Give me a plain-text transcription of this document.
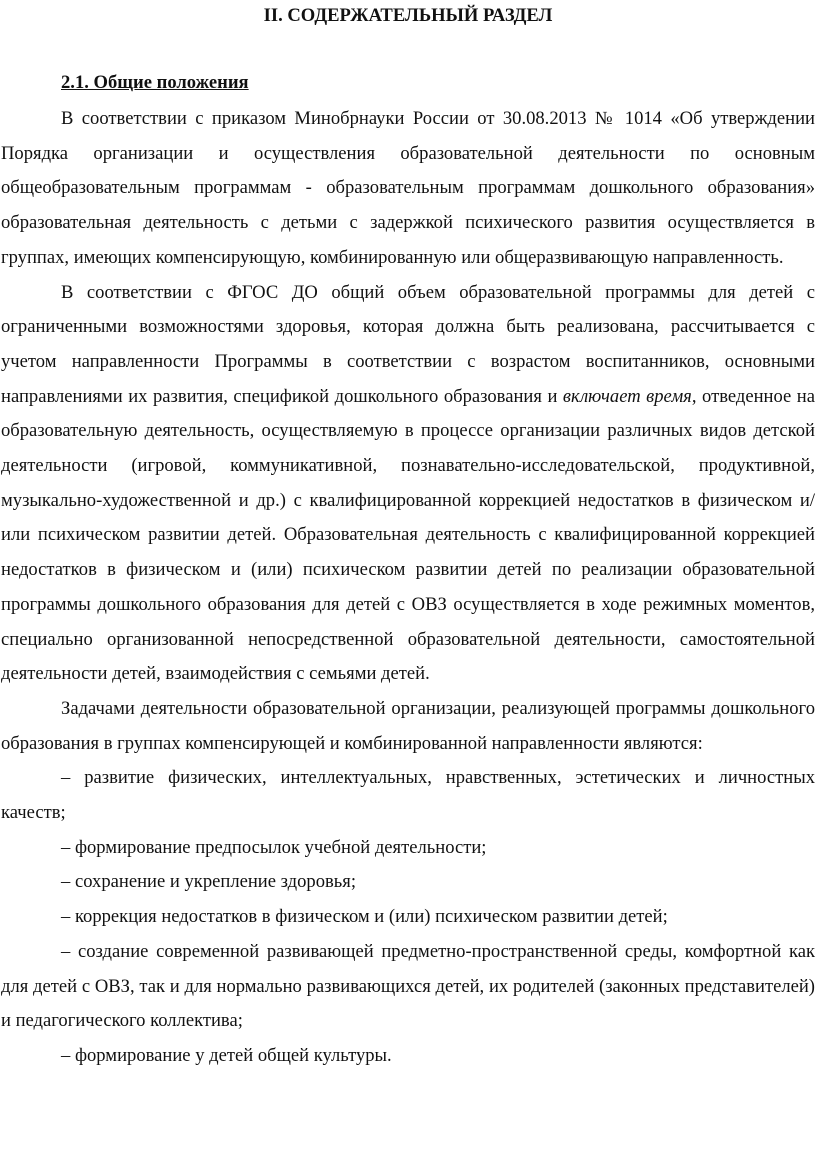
II. СОДЕРЖАТЕЛЬНЫЙ РАЗДЕЛ
2.1. Общие положения

В соответствии с приказом Минобрнауки России от 30.08.2013 № 1014 «Об утверждении Порядка организации и осуществления образовательной деятельности по основным общеобразовательным программам - образовательным программам дошкольного образования» образовательная деятельность с детьми с задержкой психического развития осуществляется в группах, имеющих компенсирующую, комбинированную или общеразвивающую направленность.

В соответствии с ФГОС ДО общий объем образовательной программы для детей с ограниченными возможностями здоровья, которая должна быть реализована, рассчитывается с учетом направленности Программы в соответствии с возрастом воспитанников, основными направлениями их развития, спецификой дошкольного образования и включает время, отведенное на образовательную деятельность, осуществляемую в процессе организации различных видов детской деятельности (игровой, коммуникативной, познавательно-исследовательской, продуктивной, музыкально-художественной и др.) с квалифицированной коррекцией недостатков в физическом и/ или психическом развитии детей. Образовательная деятельность с квалифицированной коррекцией недостатков в физическом и (или) психическом развитии детей по реализации образовательной программы дошкольного образования для детей с ОВЗ осуществляется в ходе режимных моментов, специально организованной непосредственной образовательной деятельности, самостоятельной деятельности детей, взаимодействия с семьями детей.

Задачами деятельности образовательной организации, реализующей программы дошкольного образования в группах компенсирующей и комбинированной направленности являются:

– развитие физических, интеллектуальных, нравственных, эстетических и личностных качеств;

– формирование предпосылок учебной деятельности;

– сохранение и укрепление здоровья;

– коррекция недостатков в физическом и (или) психическом развитии детей;

– создание современной развивающей предметно-пространственной среды, комфортной как для детей с ОВЗ, так и для нормально развивающихся детей, их родителей (законных представителей) и педагогического коллектива;

– формирование у детей общей культуры.
